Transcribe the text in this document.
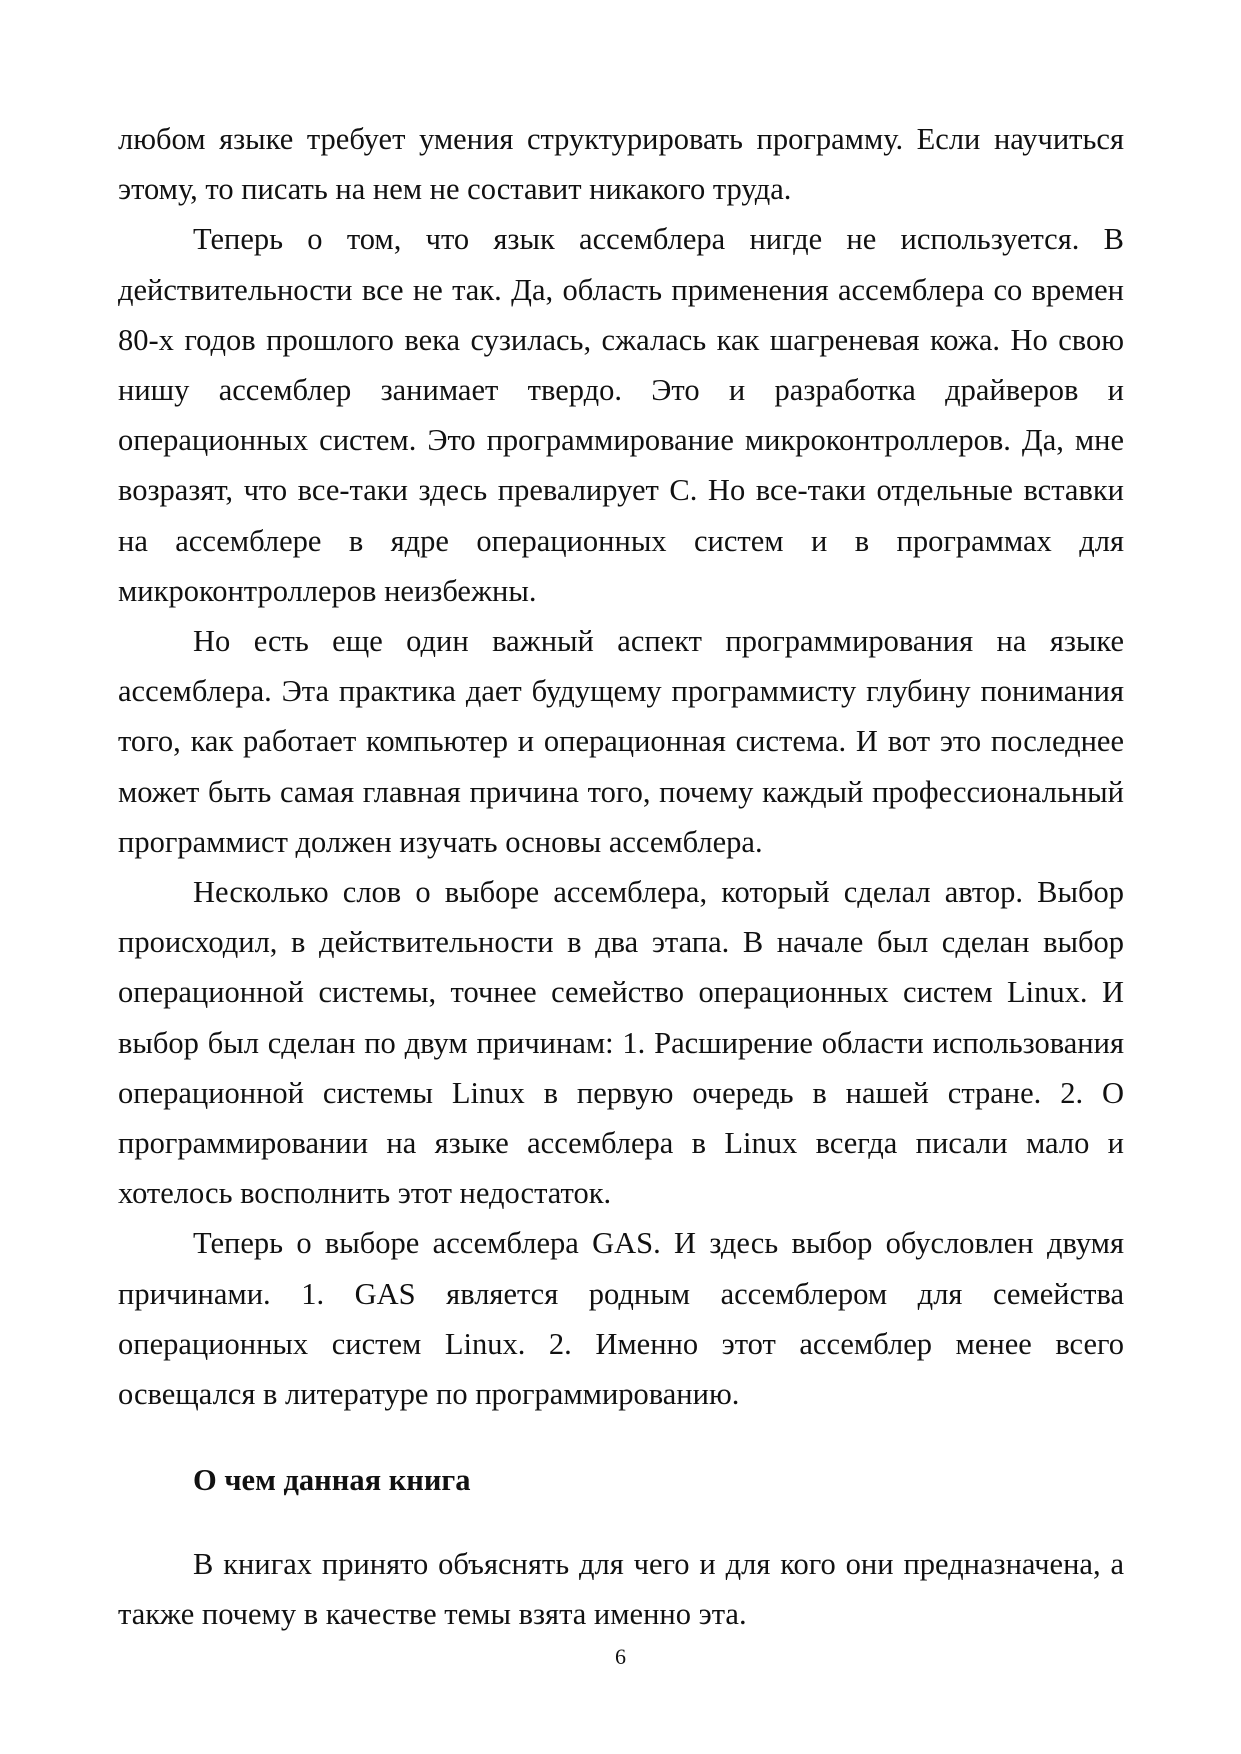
любом языке требует умения структурировать программу. Если научиться этому, то писать на нем не составит никакого труда.

Теперь о том, что язык ассемблера нигде не используется. В действительности все не так. Да, область применения ассемблера со времен 80-х годов прошлого века сузилась, сжалась как шагреневая кожа. Но свою нишу ассемблер занимает твердо. Это и разработка драйверов и операционных систем. Это программирование микроконтроллеров. Да, мне возразят, что все-таки здесь превалирует С. Но все-таки отдельные вставки на ассемблере в ядре операционных систем и в программах для микроконтроллеров неизбежны.

Но есть еще один важный аспект программирования на языке ассемблера. Эта практика дает будущему программисту глубину понимания того, как работает компьютер и операционная система. И вот это последнее может быть самая главная причина того, почему каждый профессиональный программист должен изучать основы ассемблера.

Несколько слов о выборе ассемблера, который сделал автор. Выбор происходил, в действительности в два этапа. В начале был сделан выбор операционной системы, точнее семейство операционных систем Linux. И выбор был сделан по двум причинам: 1. Расширение области использования операционной системы Linux в первую очередь в нашей стране. 2. О программировании на языке ассемблера в Linux всегда писали мало и хотелось восполнить этот недостаток.

Теперь о выборе ассемблера GAS. И здесь выбор обусловлен двумя причинами. 1. GAS является родным ассемблером для семейства операционных систем Linux. 2. Именно этот ассемблер менее всего освещался в литературе по программированию.

О чем данная книга

В книгах принято объяснять для чего и для кого они предназначена, а также почему в качестве темы взята именно эта.

6
